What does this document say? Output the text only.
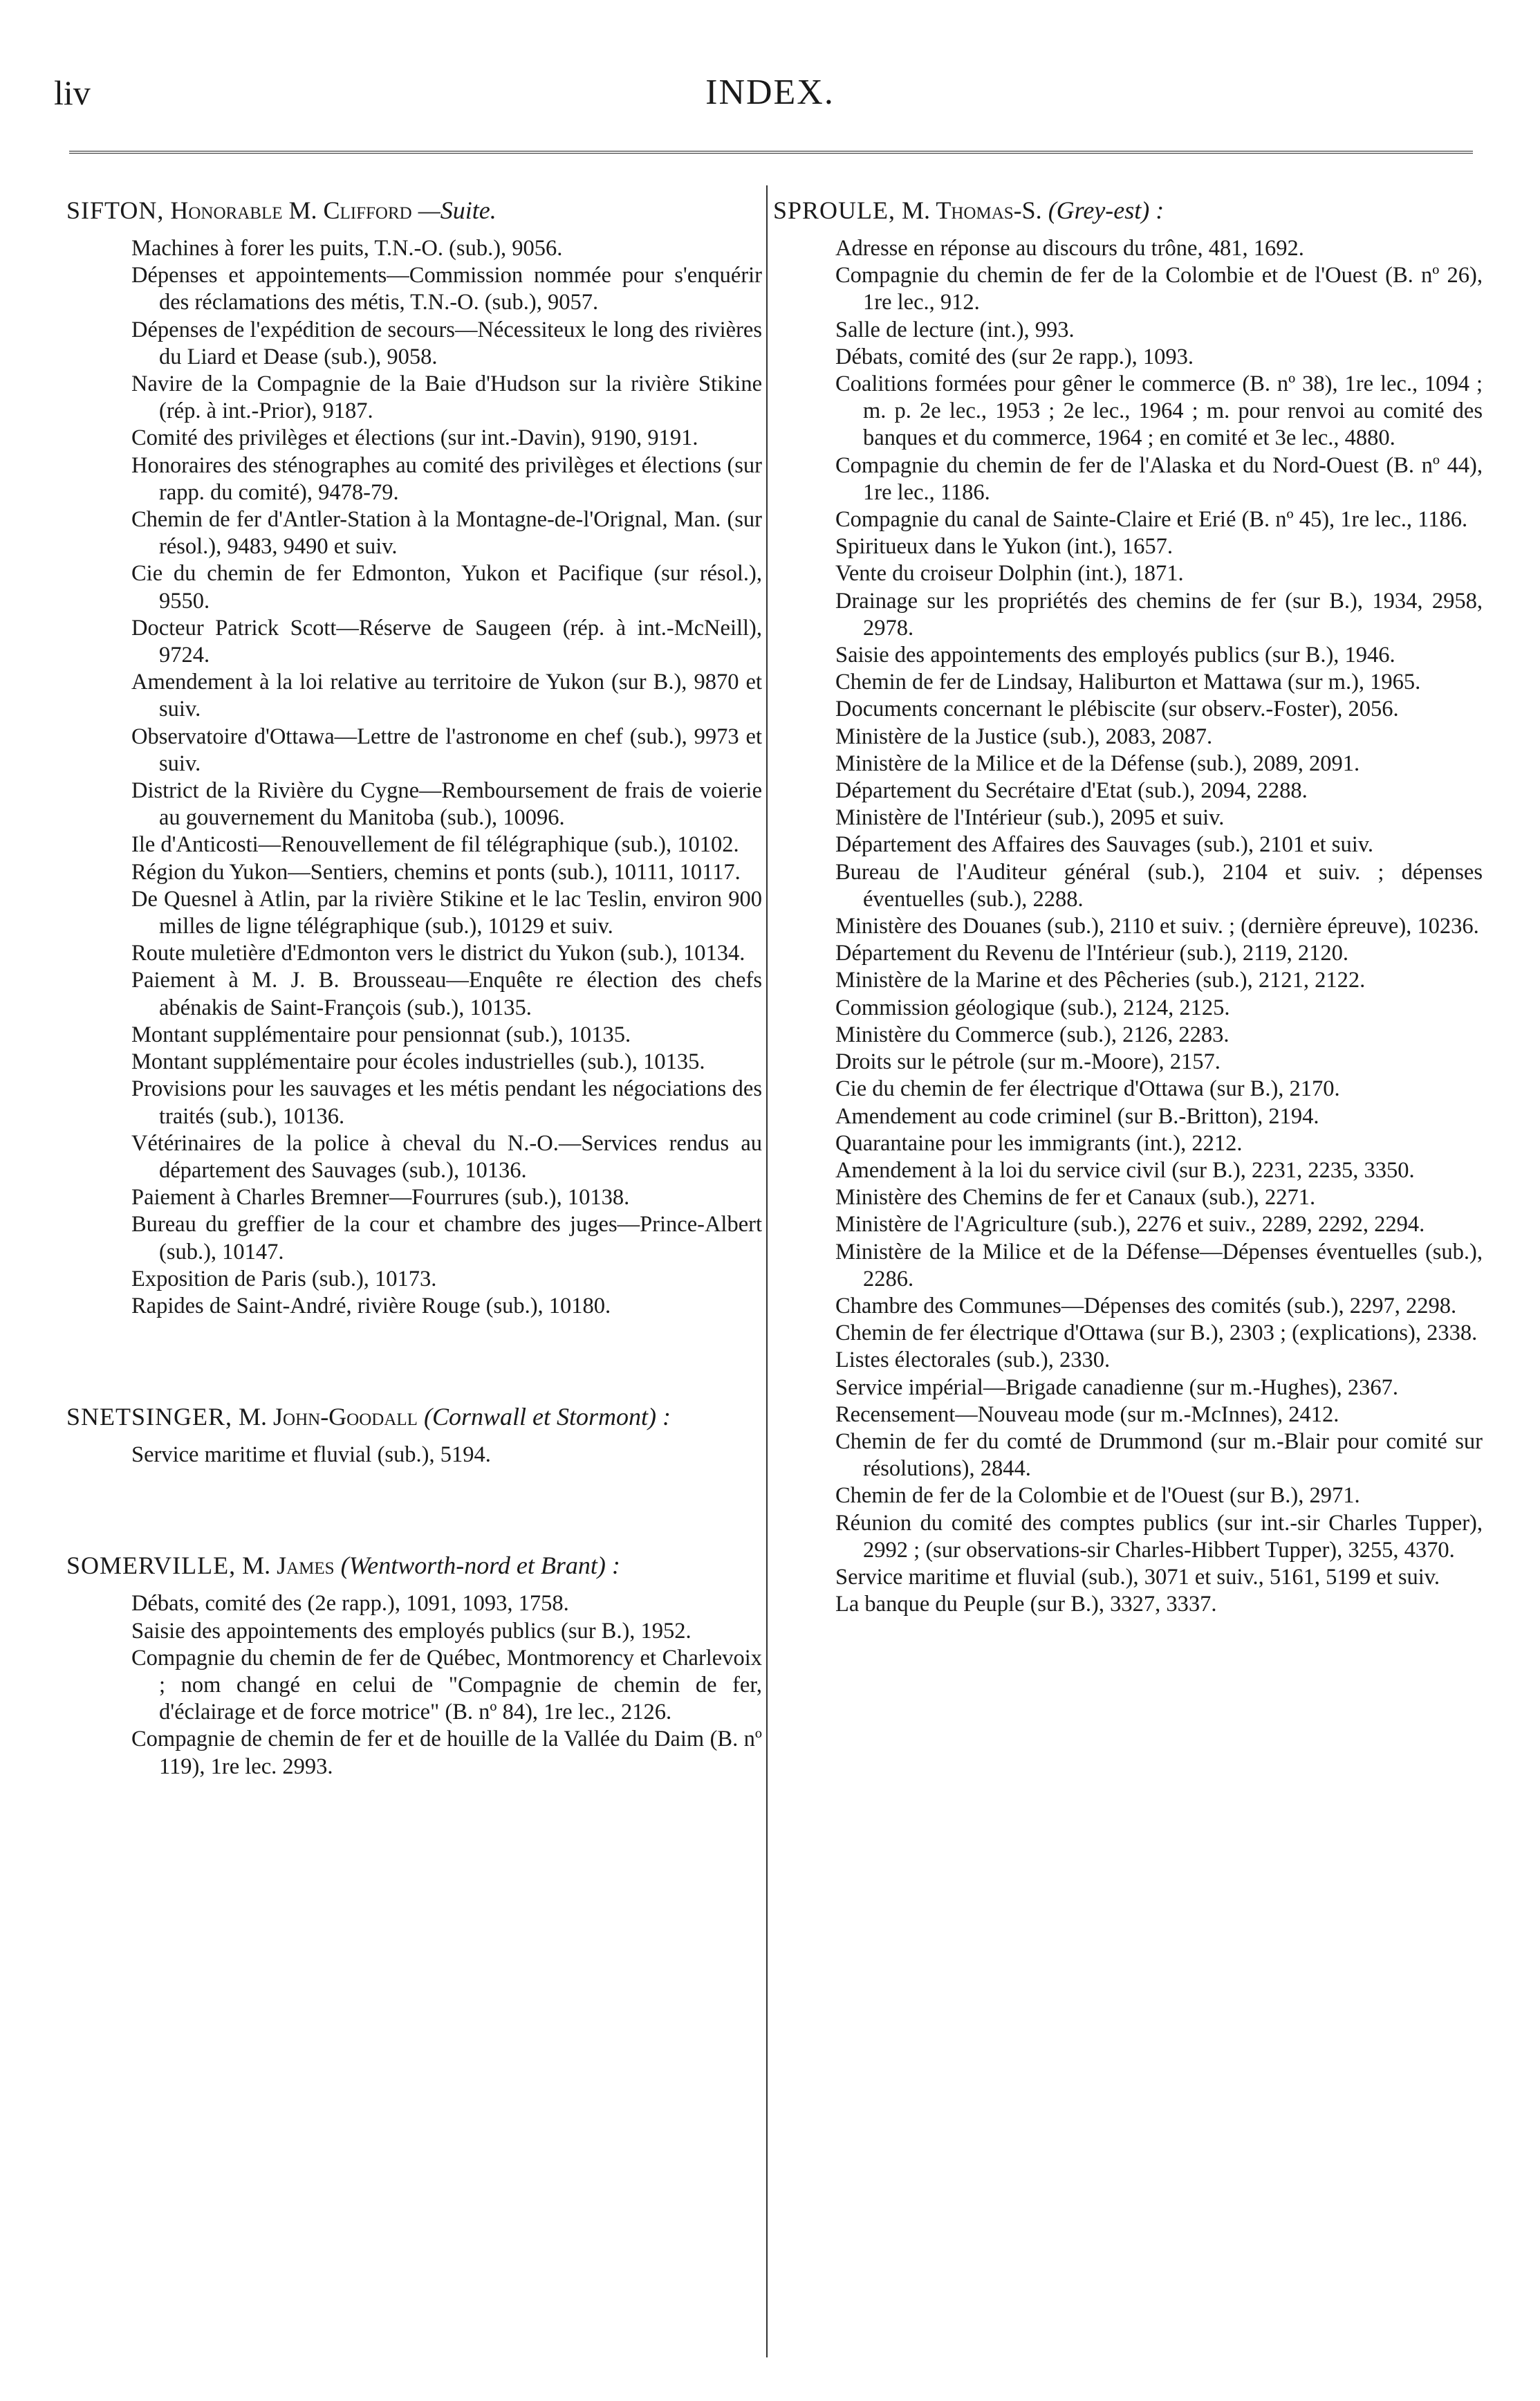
liv	INDEX.
SIFTON, Honorable M. Clifford —Suite.
Machines à forer les puits, T.N.-O. (sub.), 9056.
Dépenses et appointements—Commission nommée pour s'enquérir des réclamations des métis, T.N.-O. (sub.), 9057.
Dépenses de l'expédition de secours—Nécessiteux le long des rivières du Liard et Dease (sub.), 9058.
Navire de la Compagnie de la Baie d'Hudson sur la rivière Stikine (rép. à int.-Prior), 9187.
Comité des privilèges et élections (sur int.-Davin), 9190, 9191.
Honoraires des sténographes au comité des privilèges et élections (sur rapp. du comité), 9478-79.
Chemin de fer d'Antler-Station à la Montagne-de-l'Orignal, Man. (sur résol.), 9483, 9490 et suiv.
Cie du chemin de fer Edmonton, Yukon et Pacifique (sur résol.), 9550.
Docteur Patrick Scott—Réserve de Saugeen (rép. à int.-McNeill), 9724.
Amendement à la loi relative au territoire de Yukon (sur B.), 9870 et suiv.
Observatoire d'Ottawa—Lettre de l'astronome en chef (sub.), 9973 et suiv.
District de la Rivière du Cygne—Remboursement de frais de voierie au gouvernement du Manitoba (sub.), 10096.
Ile d'Anticosti—Renouvellement de fil télégraphique (sub.), 10102.
Région du Yukon—Sentiers, chemins et ponts (sub.), 10111, 10117.
De Quesnel à Atlin, par la rivière Stikine et le lac Teslin, environ 900 milles de ligne télégraphique (sub.), 10129 et suiv.
Route muletière d'Edmonton vers le district du Yukon (sub.), 10134.
Paiement à M. J. B. Brousseau—Enquête re élection des chefs abénakis de Saint-François (sub.), 10135.
Montant supplémentaire pour pensionnat (sub.), 10135.
Montant supplémentaire pour écoles industrielles (sub.), 10135.
Provisions pour les sauvages et les métis pendant les négociations des traités (sub.), 10136.
Vétérinaires de la police à cheval du N.-O.—Services rendus au département des Sauvages (sub.), 10136.
Paiement à Charles Bremner—Fourrures (sub.), 10138.
Bureau du greffier de la cour et chambre des juges—Prince-Albert (sub.), 10147.
Exposition de Paris (sub.), 10173.
Rapides de Saint-André, rivière Rouge (sub.), 10180.
SNETSINGER, M. John-Goodall (Cornwall et Stormont) :
Service maritime et fluvial (sub.), 5194.
SOMERVILLE, M. James (Wentworth-nord et Brant) :
Débats, comité des (2e rapp.), 1091, 1093, 1758.
Saisie des appointements des employés publics (sur B.), 1952.
Compagnie du chemin de fer de Québec, Montmorency et Charlevoix ; nom changé en celui de "Compagnie de chemin de fer, d'éclairage et de force motrice" (B. nº 84), 1re lec., 2126.
Compagnie de chemin de fer et de houille de la Vallée du Daim (B. nº 119), 1re lec. 2993.
SPROULE, M. Thomas-S. (Grey-est) :
Adresse en réponse au discours du trône, 481, 1692.
Compagnie du chemin de fer de la Colombie et de l'Ouest (B. nº 26), 1re lec., 912.
Salle de lecture (int.), 993.
Débats, comité des (sur 2e rapp.), 1093.
Coalitions formées pour gêner le commerce (B. nº 38), 1re lec., 1094 ; m. p. 2e lec., 1953 ; 2e lec., 1964 ; m. pour renvoi au comité des banques et du commerce, 1964 ; en comité et 3e lec., 4880.
Compagnie du chemin de fer de l'Alaska et du Nord-Ouest (B. nº 44), 1re lec., 1186.
Compagnie du canal de Sainte-Claire et Erié (B. nº 45), 1re lec., 1186.
Spiritueux dans le Yukon (int.), 1657.
Vente du croiseur Dolphin (int.), 1871.
Drainage sur les propriétés des chemins de fer (sur B.), 1934, 2958, 2978.
Saisie des appointements des employés publics (sur B.), 1946.
Chemin de fer de Lindsay, Haliburton et Mattawa (sur m.), 1965.
Documents concernant le plébiscite (sur observ.-Foster), 2056.
Ministère de la Justice (sub.), 2083, 2087.
Ministère de la Milice et de la Défense (sub.), 2089, 2091.
Département du Secrétaire d'Etat (sub.), 2094, 2288.
Ministère de l'Intérieur (sub.), 2095 et suiv.
Département des Affaires des Sauvages (sub.), 2101 et suiv.
Bureau de l'Auditeur général (sub.), 2104 et suiv. ; dépenses éventuelles (sub.), 2288.
Ministère des Douanes (sub.), 2110 et suiv. ; (dernière épreuve), 10236.
Département du Revenu de l'Intérieur (sub.), 2119, 2120.
Ministère de la Marine et des Pêcheries (sub.), 2121, 2122.
Commission géologique (sub.), 2124, 2125.
Ministère du Commerce (sub.), 2126, 2283.
Droits sur le pétrole (sur m.-Moore), 2157.
Cie du chemin de fer électrique d'Ottawa (sur B.), 2170.
Amendement au code criminel (sur B.-Britton), 2194.
Quarantaine pour les immigrants (int.), 2212.
Amendement à la loi du service civil (sur B.), 2231, 2235, 3350.
Ministère des Chemins de fer et Canaux (sub.), 2271.
Ministère de l'Agriculture (sub.), 2276 et suiv., 2289, 2292, 2294.
Ministère de la Milice et de la Défense—Dépenses éventuelles (sub.), 2286.
Chambre des Communes—Dépenses des comités (sub.), 2297, 2298.
Chemin de fer électrique d'Ottawa (sur B.), 2303 ; (explications), 2338.
Listes électorales (sub.), 2330.
Service impérial—Brigade canadienne (sur m.-Hughes), 2367.
Recensement—Nouveau mode (sur m.-McInnes), 2412.
Chemin de fer du comté de Drummond (sur m.-Blair pour comité sur résolutions), 2844.
Chemin de fer de la Colombie et de l'Ouest (sur B.), 2971.
Réunion du comité des comptes publics (sur int.-sir Charles Tupper), 2992 ; (sur observations-sir Charles-Hibbert Tupper), 3255, 4370.
Service maritime et fluvial (sub.), 3071 et suiv., 5161, 5199 et suiv.
La banque du Peuple (sur B.), 3327, 3337.
